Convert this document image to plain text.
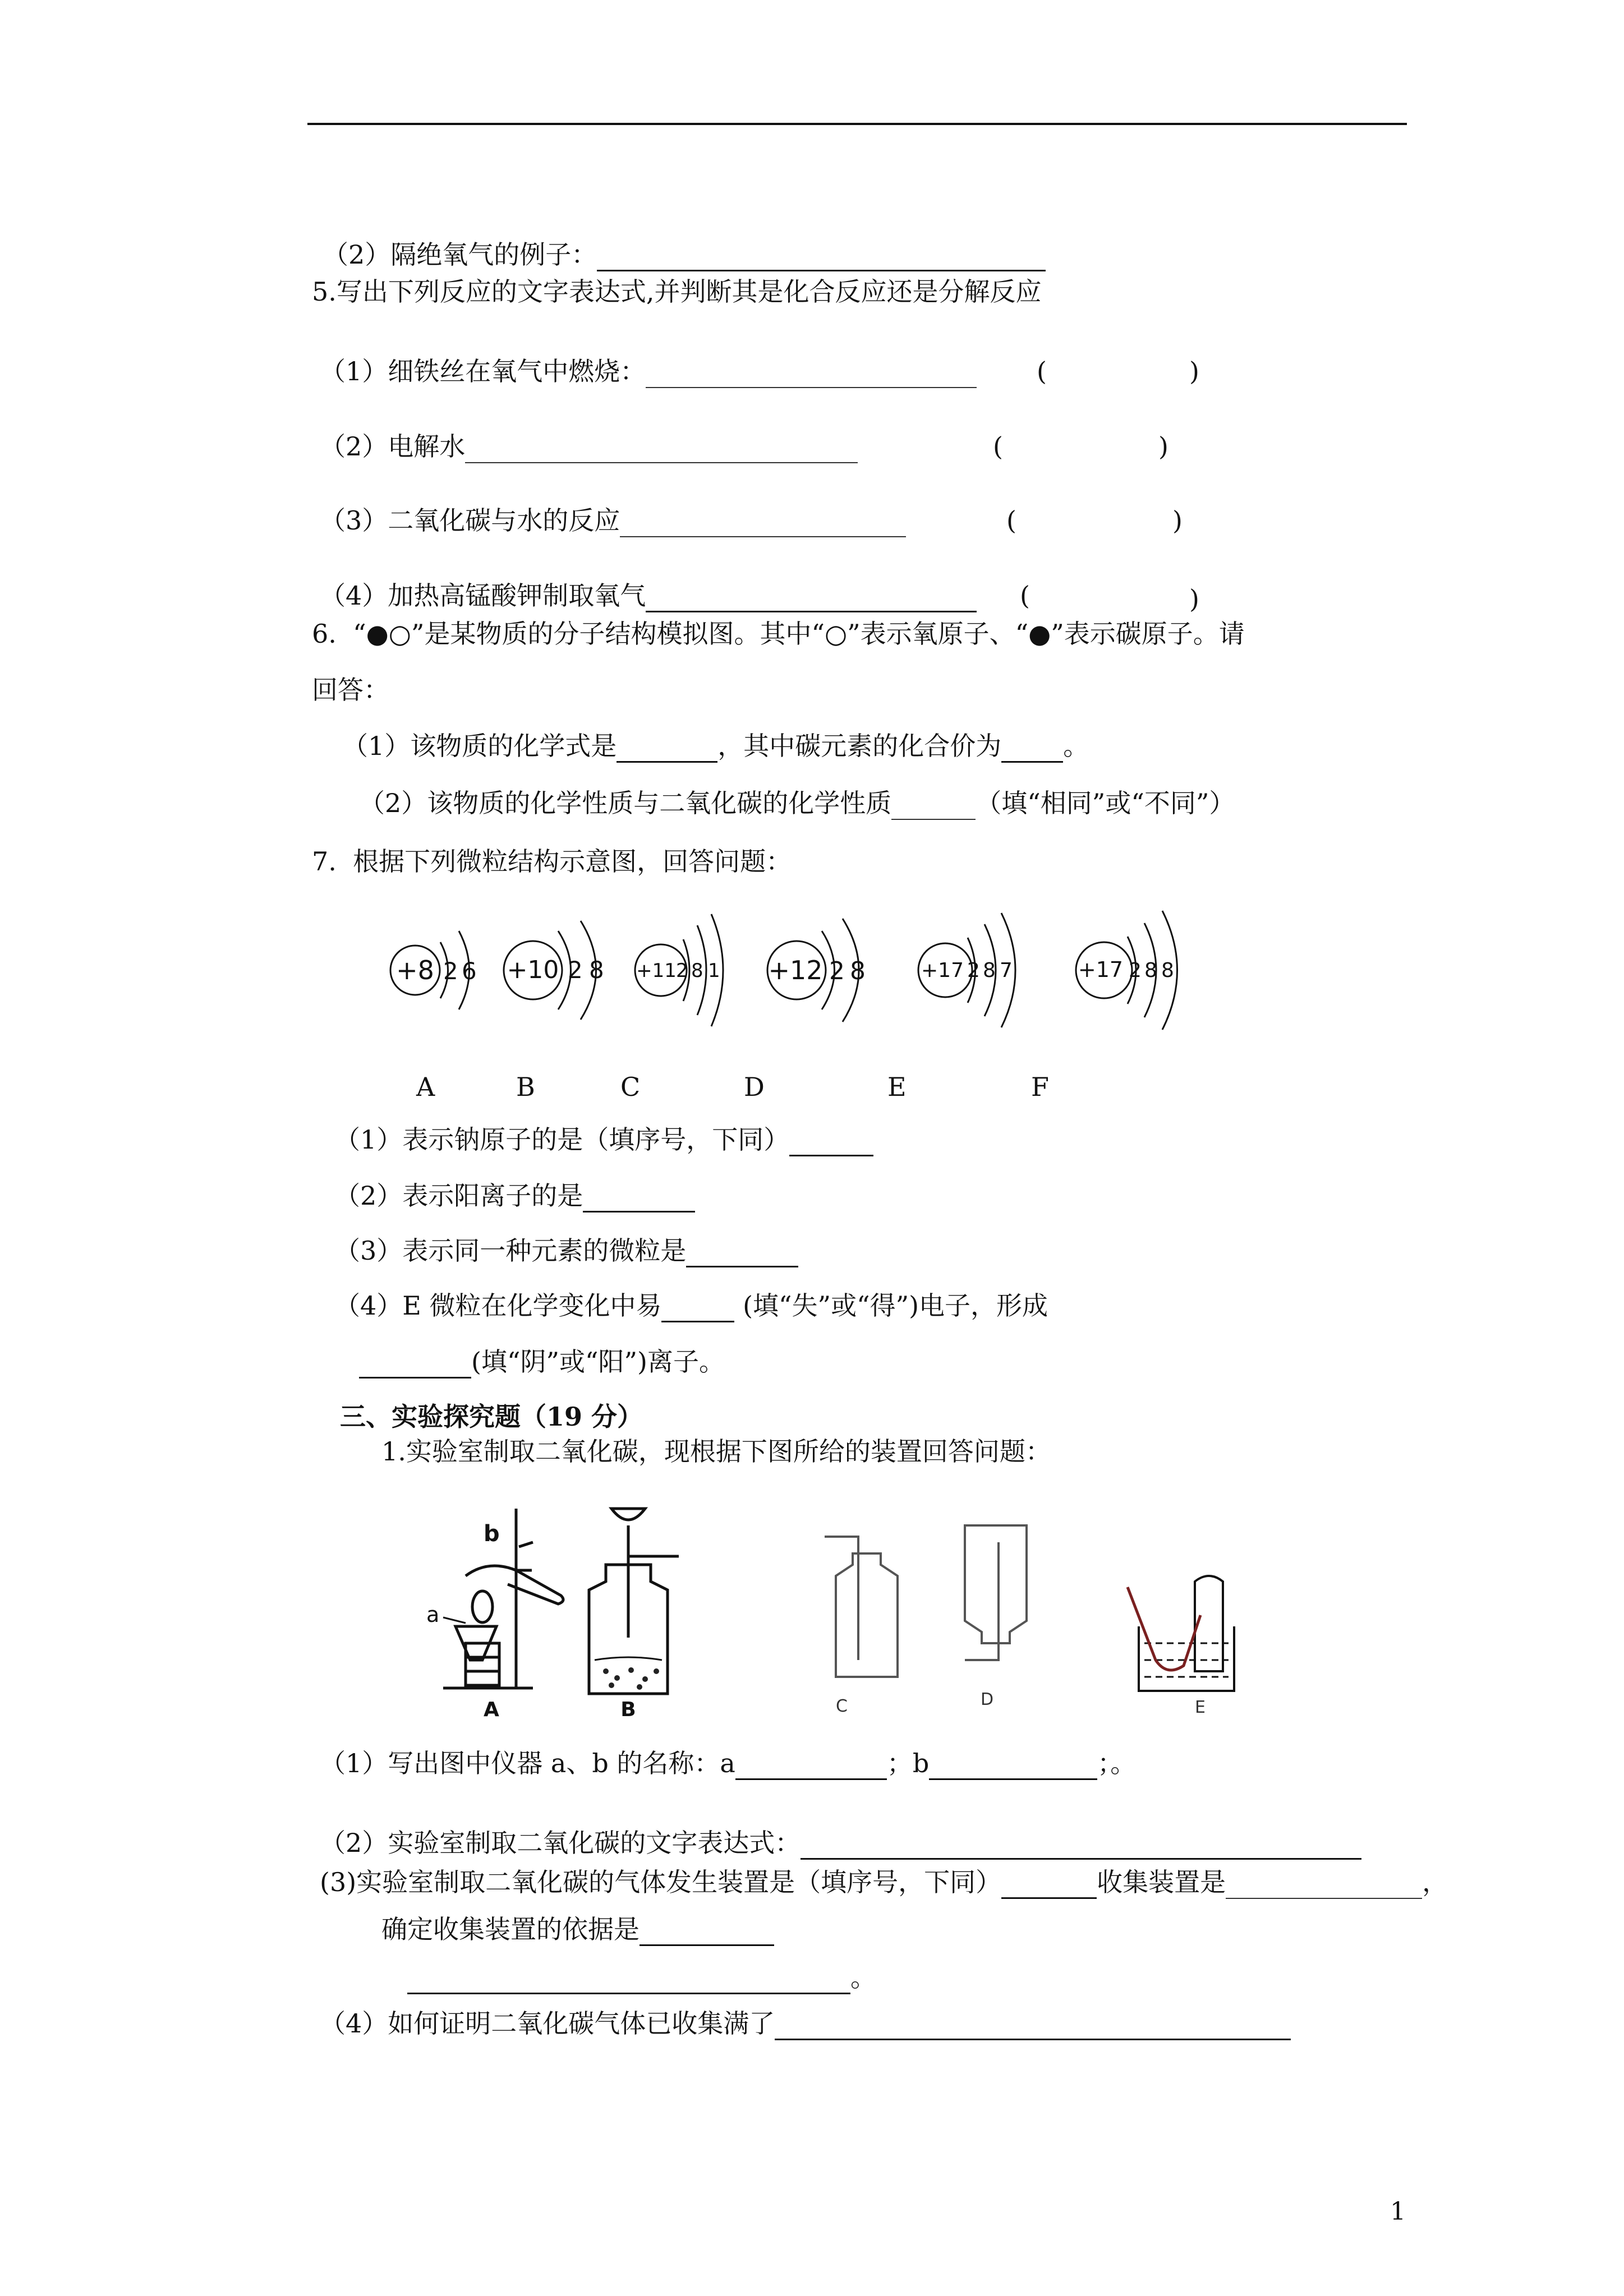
（2）隔绝氧气的例子：
5.写出下列反应的文字表达式,并判断其是化合反应还是分解反应
（1）细铁丝在氧气中燃烧：	(	)
（2）电解水	(	)
（3）二氧化碳与水的反应	(	)
（4）加热高锰酸钾制取氧气	(	)
6.  “●○”是某物质的分子结构模拟图。其中“○”表示氧原子、“●”表示碳原子。请
回答：
（1）该物质的化学式是	，其中碳元素的化合价为 。
（2）该物质的化学性质与二氧化碳的化学性质	（填“相同”或“不同”）
7.  根据下列微粒结构示意图，回答问题：
+8 2 6 +10 2 8 +11 2 8 1 +12 2 8	+17 2 8 7	+17 2 8 8
A	B	C	D	E	F
（1）表示钠原子的是（填序号，下同）
（2）表示阳离子的是
（3）表示同一种元素的微粒是
（4）E 微粒在化学变化中易	(填“失”或“得”)电子，形成
(填“阴”或“阳”)离子。
三、实验探究题（19 分）
1.实验室制取二氧化碳，现根据下图所给的装置回答问题：
b
a
A	B	C	D	E
（1）写出图中仪器 a、b 的名称：a	；b	；。
（2）实验室制取二氧化碳的文字表达式：
(3)实验室制取二氧化碳的气体发生装置是（填序号，下同）	收集装置是	，
确定收集装置的依据是
。
（4）如何证明二氧化碳气体已收集满了
1
